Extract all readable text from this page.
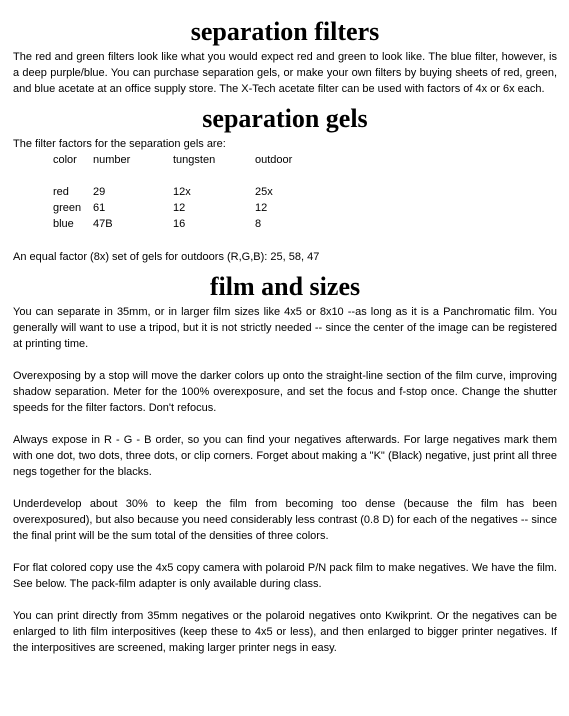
separation filters

The red and green filters look like what you would expect red and green to look like. The blue filter, however, is a deep purple/blue. You can purchase separation gels, or make your own filters by buying sheets of red, green, and blue acetate at an office supply store. The X-Tech acetate filter can be used with factors of 4x or 6x each.

separation gels

The filter factors for the separation gels are:

color	number	tungsten	outdoor

red	29	12x	25x
green	61	12	12
blue	47B	16	8

An equal factor (8x) set of gels for outdoors (R,G,B): 25, 58, 47

film and sizes

You can separate in 35mm, or in larger film sizes like 4x5 or 8x10 --as long as it is a Panchromatic film. You generally will want to use a tripod, but it is not strictly needed -- since the center of the image can be registered at printing time.

Overexposing by a stop will move the darker colors up onto the straight-line section of the film curve, improving shadow separation. Meter for the 100% overexposure, and set the focus and f-stop once. Change the shutter speeds for the filter factors. Don't refocus.

Always expose in R - G - B order, so you can find your negatives afterwards. For large negatives mark them with one dot, two dots, three dots, or clip corners. Forget about making a "K" (Black) negative, just print all three negs together for the blacks.

Underdevelop about 30% to keep the film from becoming too dense (because the film has been overexposured), but also because you need considerably less contrast (0.8 D) for each of the negatives -- since the final print will be the sum total of the densities of three colors.

For flat colored copy use the 4x5 copy camera with polaroid P/N pack film to make negatives. We have the film. See below. The pack-film adapter is only available during class.

You can print directly from 35mm negatives or the polaroid negatives onto Kwikprint. Or the negatives can be enlarged to lith film interpositives (keep these to 4x5 or less), and then enlarged to bigger printer negatives. If the interpositives are screened, making larger printer negs in easy.
